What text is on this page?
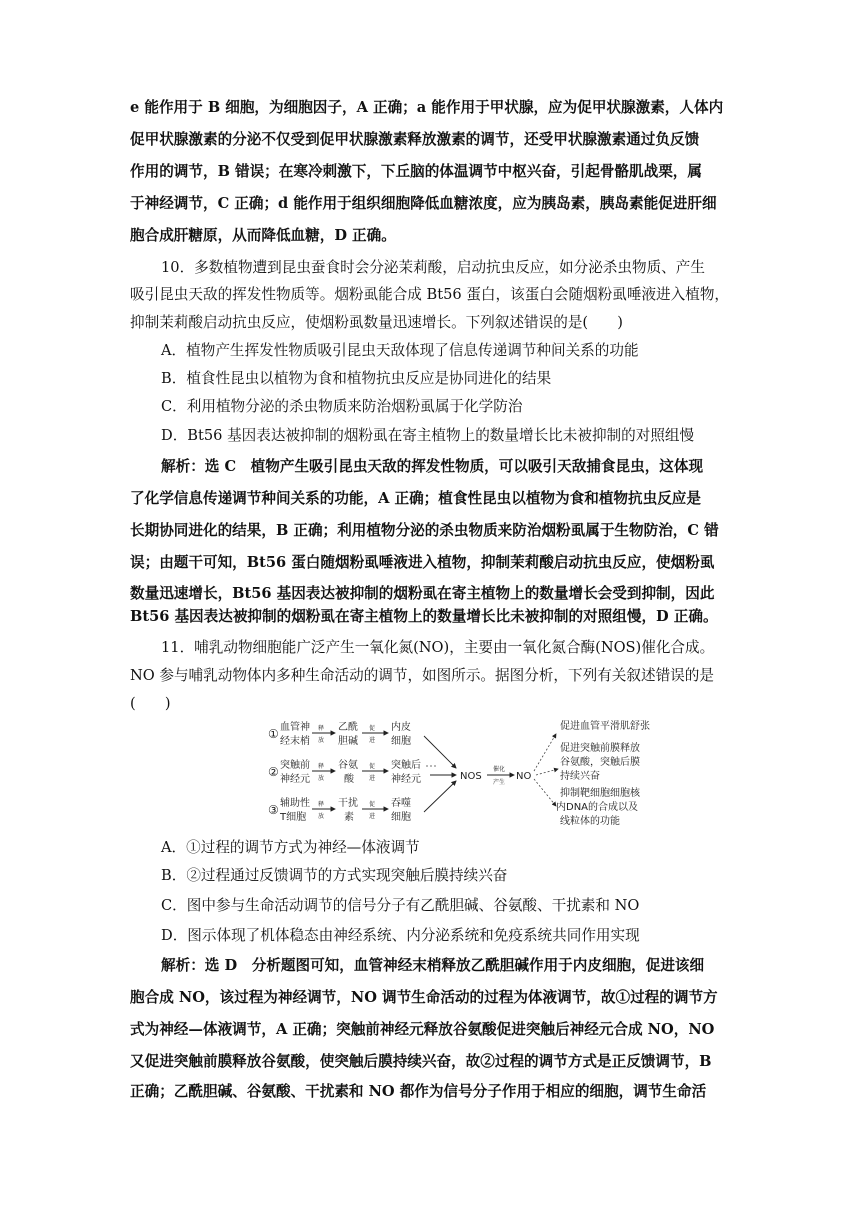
e 能作用于 B 细胞，为细胞因子，A 正确；a 能作用于甲状腺，应为促甲状腺激素，人体内
促甲状腺激素的分泌不仅受到促甲状腺激素释放激素的调节，还受甲状腺激素通过负反馈
作用的调节，B 错误；在寒冷刺激下，下丘脑的体温调节中枢兴奋，引起骨骼肌战栗，属
于神经调节，C 正确；d 能作用于组织细胞降低血糖浓度，应为胰岛素，胰岛素能促进肝细
胞合成肝糖原，从而降低血糖，D 正确。
10．多数植物遭到昆虫蚕食时会分泌茉莉酸，启动抗虫反应，如分泌杀虫物质、产生
吸引昆虫天敌的挥发性物质等。烟粉虱能合成 Bt56 蛋白，该蛋白会随烟粉虱唾液进入植物，
抑制茉莉酸启动抗虫反应，使烟粉虱数量迅速增长。下列叙述错误的是(　　)
A．植物产生挥发性物质吸引昆虫天敌体现了信息传递调节种间关系的功能
B．植食性昆虫以植物为食和植物抗虫反应是协同进化的结果
C．利用植物分泌的杀虫物质来防治烟粉虱属于化学防治
D．Bt56 基因表达被抑制的烟粉虱在寄主植物上的数量增长比未被抑制的对照组慢
解析：选 C　植物产生吸引昆虫天敌的挥发性物质，可以吸引天敌捕食昆虫，这体现
了化学信息传递调节种间关系的功能，A 正确；植食性昆虫以植物为食和植物抗虫反应是
长期协同进化的结果，B 正确；利用植物分泌的杀虫物质来防治烟粉虱属于生物防治，C 错
误；由题干可知，Bt56 蛋白随烟粉虱唾液进入植物，抑制茉莉酸启动抗虫反应，使烟粉虱
数量迅速增长，Bt56 基因表达被抑制的烟粉虱在寄主植物上的数量增长会受到抑制，因此
Bt56 基因表达被抑制的烟粉虱在寄主植物上的数量增长比未被抑制的对照组慢，D 正确。
11．哺乳动物细胞能广泛产生一氧化氮(NO)，主要由一氧化氮合酶(NOS)催化合成。
NO 参与哺乳动物体内多种生命活动的调节，如图所示。据图分析，下列有关叙述错误的是
(　　)
① 血管神
经末梢
释
放
乙酰
胆碱
促
进
内皮
细胞
② 突触前
神经元
释
放
谷氨
酸
促
进
突触后
神经元
③ 辅助性
T细胞
释
放
干扰
素
促
进
吞噬
细胞
NOS
催化
产生
NO
促进血管平滑肌舒张
促进突触前膜释放
谷氨酸，突触后膜
持续兴奋
抑制靶细胞细胞核
内DNA的合成以及
线粒体的功能
A．①过程的调节方式为神经—体液调节
B．②过程通过反馈调节的方式实现突触后膜持续兴奋
C．图中参与生命活动调节的信号分子有乙酰胆碱、谷氨酸、干扰素和 NO
D．图示体现了机体稳态由神经系统、内分泌系统和免疫系统共同作用实现
解析：选 D　分析题图可知，血管神经末梢释放乙酰胆碱作用于内皮细胞，促进该细
胞合成 NO，该过程为神经调节，NO 调节生命活动的过程为体液调节，故①过程的调节方
式为神经—体液调节，A 正确；突触前神经元释放谷氨酸促进突触后神经元合成 NO，NO
又促进突触前膜释放谷氨酸，使突触后膜持续兴奋，故②过程的调节方式是正反馈调节，B
正确；乙酰胆碱、谷氨酸、干扰素和 NO 都作为信号分子作用于相应的细胞，调节生命活
